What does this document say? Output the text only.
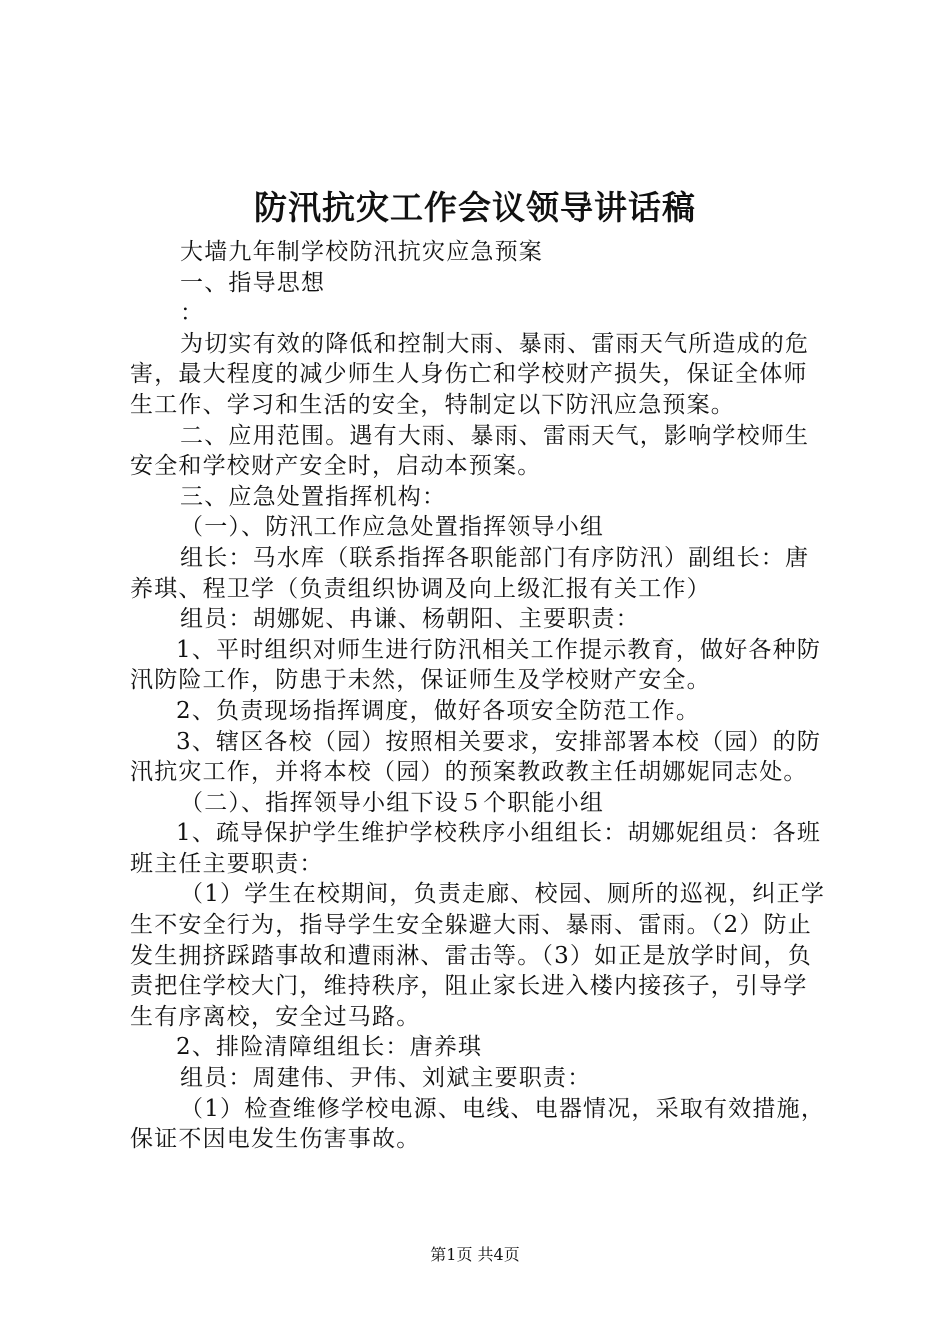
防汛抗灾工作会议领导讲话稿

大墙九年制学校防汛抗灾应急预案

一、指导思想

：

为切实有效的降低和控制大雨、暴雨、雷雨天气所造成的危害，最大程度的减少师生人身伤亡和学校财产损失，保证全体师生工作、学习和生活的安全，特制定以下防汛应急预案。

二、应用范围。遇有大雨、暴雨、雷雨天气，影响学校师生安全和学校财产安全时，启动本预案。

三、应急处置指挥机构：

（一）、防汛工作应急处置指挥领导小组

组长：马水库（联系指挥各职能部门有序防汛）副组长：唐养琪、程卫学（负责组织协调及向上级汇报有关工作）

组员：胡娜妮、冉谦、杨朝阳、主要职责：

1、平时组织对师生进行防汛相关工作提示教育，做好各种防汛防险工作，防患于未然，保证师生及学校财产安全。

2、负责现场指挥调度，做好各项安全防范工作。

3、辖区各校（园）按照相关要求，安排部署本校（园）的防汛抗灾工作，并将本校（园）的预案教政教主任胡娜妮同志处。

（二）、指挥领导小组下设５个职能小组

1、疏导保护学生维护学校秩序小组组长：胡娜妮组员：各班班主任主要职责：

（1）学生在校期间，负责走廊、校园、厕所的巡视，纠正学生不安全行为，指导学生安全躲避大雨、暴雨、雷雨。（2）防止发生拥挤踩踏事故和遭雨淋、雷击等。（3）如正是放学时间，负责把住学校大门，维持秩序，阻止家长进入楼内接孩子，引导学生有序离校，安全过马路。

2、排险清障组组长：唐养琪

组员：周建伟、尹伟、刘斌主要职责：

（1）检查维修学校电源、电线、电器情况，采取有效措施，保证不因电发生伤害事故。

第1页 共4页
